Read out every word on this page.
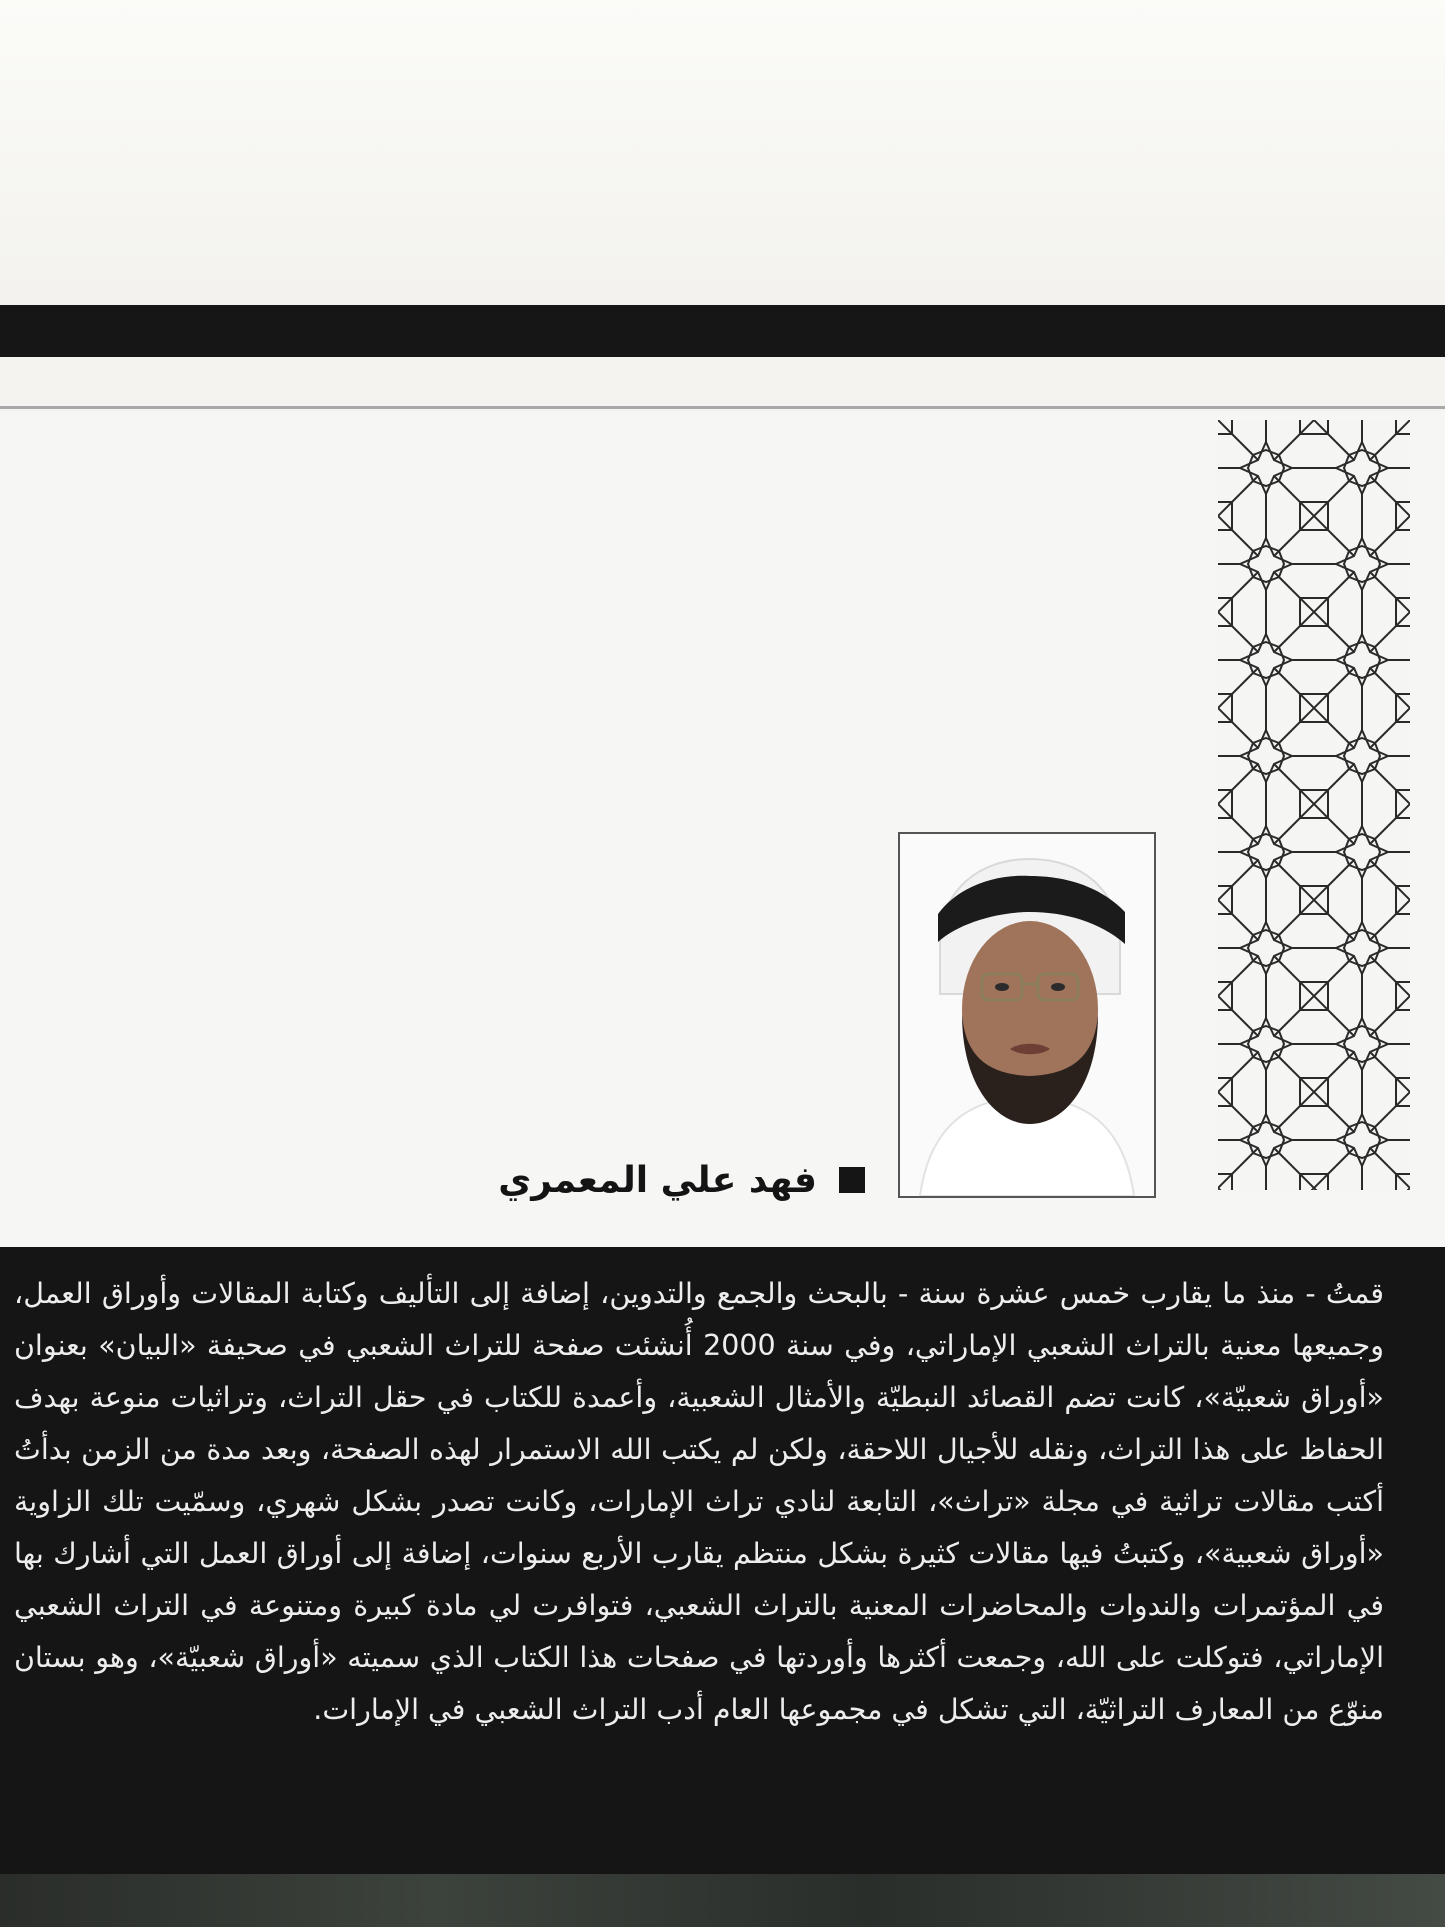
فهد علي المعمري
قمتُ - منذ ما يقارب خمس عشرة سنة - بالبحث والجمع والتدوين، إضافة إلى التأليف وكتابة المقالات وأوراق العمل، وجميعها معنية بالتراث الشعبي الإماراتي، وفي سنة 2000 أُنشئت صفحة للتراث الشعبي في صحيفة «البيان» بعنوان «أوراق شعبيّة»، كانت تضم القصائد النبطيّة والأمثال الشعبية، وأعمدة للكتاب في حقل التراث، وتراثيات منوعة بهدف الحفاظ على هذا التراث، ونقله للأجيال اللاحقة، ولكن لم يكتب الله الاستمرار لهذه الصفحة، وبعد مدة من الزمن بدأتُ أكتب مقالات تراثية في مجلة «تراث»، التابعة لنادي تراث الإمارات، وكانت تصدر بشكل شهري، وسمّيت تلك الزاوية «أوراق شعبية»، وكتبتُ فيها مقالات كثيرة بشكل منتظم يقارب الأربع سنوات، إضافة إلى أوراق العمل التي أشارك بها في المؤتمرات والندوات والمحاضرات المعنية بالتراث الشعبي، فتوافرت لي مادة كبيرة ومتنوعة في التراث الشعبي الإماراتي، فتوكلت على الله، وجمعت أكثرها وأوردتها في صفحات هذا الكتاب الذي سميته «أوراق شعبيّة»، وهو بستان منوّع من المعارف التراثيّة، التي تشكل في مجموعها العام أدب التراث الشعبي في الإمارات.
